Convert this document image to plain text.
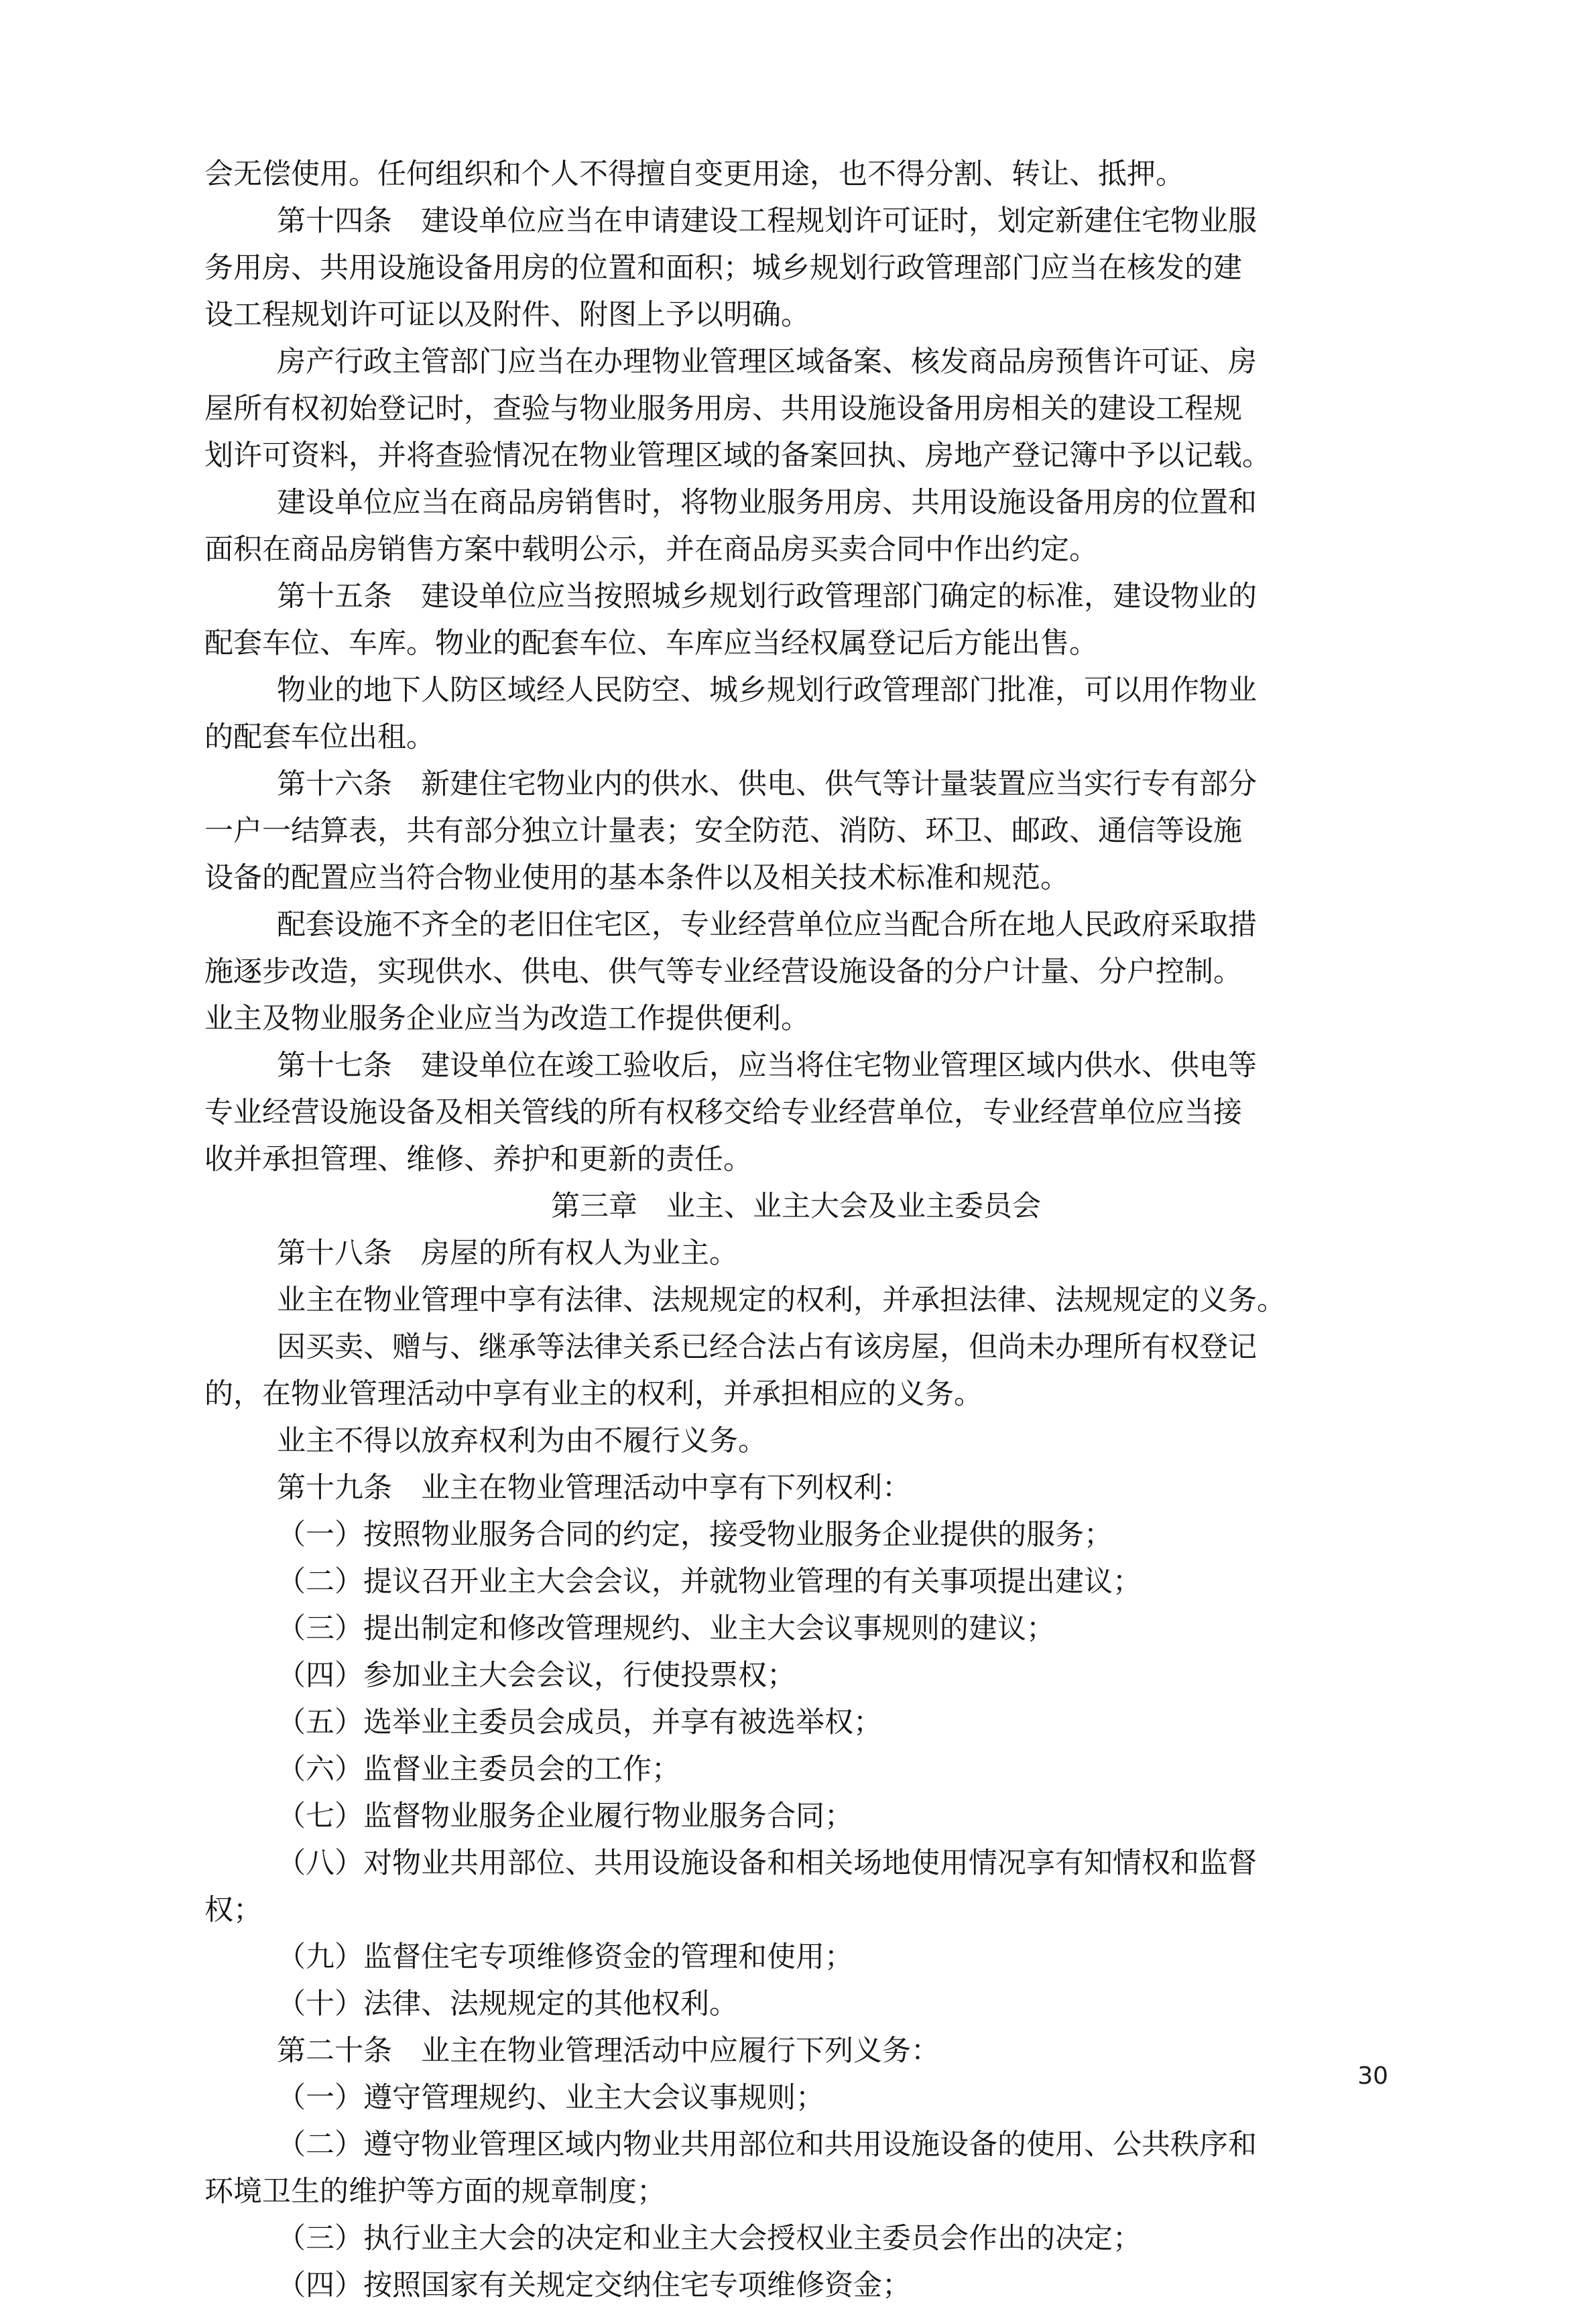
会无偿使用。任何组织和个人不得擅自变更用途，也不得分割、转让、抵押。
第十四条　建设单位应当在申请建设工程规划许可证时，划定新建住宅物业服
务用房、共用设施设备用房的位置和面积；城乡规划行政管理部门应当在核发的建
设工程规划许可证以及附件、附图上予以明确。
房产行政主管部门应当在办理物业管理区域备案、核发商品房预售许可证、房
屋所有权初始登记时，查验与物业服务用房、共用设施设备用房相关的建设工程规
划许可资料，并将查验情况在物业管理区域的备案回执、房地产登记簿中予以记载。
建设单位应当在商品房销售时，将物业服务用房、共用设施设备用房的位置和
面积在商品房销售方案中载明公示，并在商品房买卖合同中作出约定。
第十五条　建设单位应当按照城乡规划行政管理部门确定的标准，建设物业的
配套车位、车库。物业的配套车位、车库应当经权属登记后方能出售。
物业的地下人防区域经人民防空、城乡规划行政管理部门批准，可以用作物业
的配套车位出租。
第十六条　新建住宅物业内的供水、供电、供气等计量装置应当实行专有部分
一户一结算表，共有部分独立计量表；安全防范、消防、环卫、邮政、通信等设施
设备的配置应当符合物业使用的基本条件以及相关技术标准和规范。
配套设施不齐全的老旧住宅区，专业经营单位应当配合所在地人民政府采取措
施逐步改造，实现供水、供电、供气等专业经营设施设备的分户计量、分户控制。
业主及物业服务企业应当为改造工作提供便利。
第十七条　建设单位在竣工验收后，应当将住宅物业管理区域内供水、供电等
专业经营设施设备及相关管线的所有权移交给专业经营单位，专业经营单位应当接
收并承担管理、维修、养护和更新的责任。
第三章　业主、业主大会及业主委员会
第十八条　房屋的所有权人为业主。
业主在物业管理中享有法律、法规规定的权利，并承担法律、法规规定的义务。
因买卖、赠与、继承等法律关系已经合法占有该房屋，但尚未办理所有权登记
的，在物业管理活动中享有业主的权利，并承担相应的义务。
业主不得以放弃权利为由不履行义务。
第十九条　业主在物业管理活动中享有下列权利：
（一）按照物业服务合同的约定，接受物业服务企业提供的服务；
（二）提议召开业主大会会议，并就物业管理的有关事项提出建议；
（三）提出制定和修改管理规约、业主大会议事规则的建议；
（四）参加业主大会会议，行使投票权；
（五）选举业主委员会成员，并享有被选举权；
（六）监督业主委员会的工作；
（七）监督物业服务企业履行物业服务合同；
（八）对物业共用部位、共用设施设备和相关场地使用情况享有知情权和监督
权；
（九）监督住宅专项维修资金的管理和使用；
（十）法律、法规规定的其他权利。
第二十条　业主在物业管理活动中应履行下列义务：
（一）遵守管理规约、业主大会议事规则；
（二）遵守物业管理区域内物业共用部位和共用设施设备的使用、公共秩序和
环境卫生的维护等方面的规章制度；
（三）执行业主大会的决定和业主大会授权业主委员会作出的决定；
（四）按照国家有关规定交纳住宅专项维修资金；
30
